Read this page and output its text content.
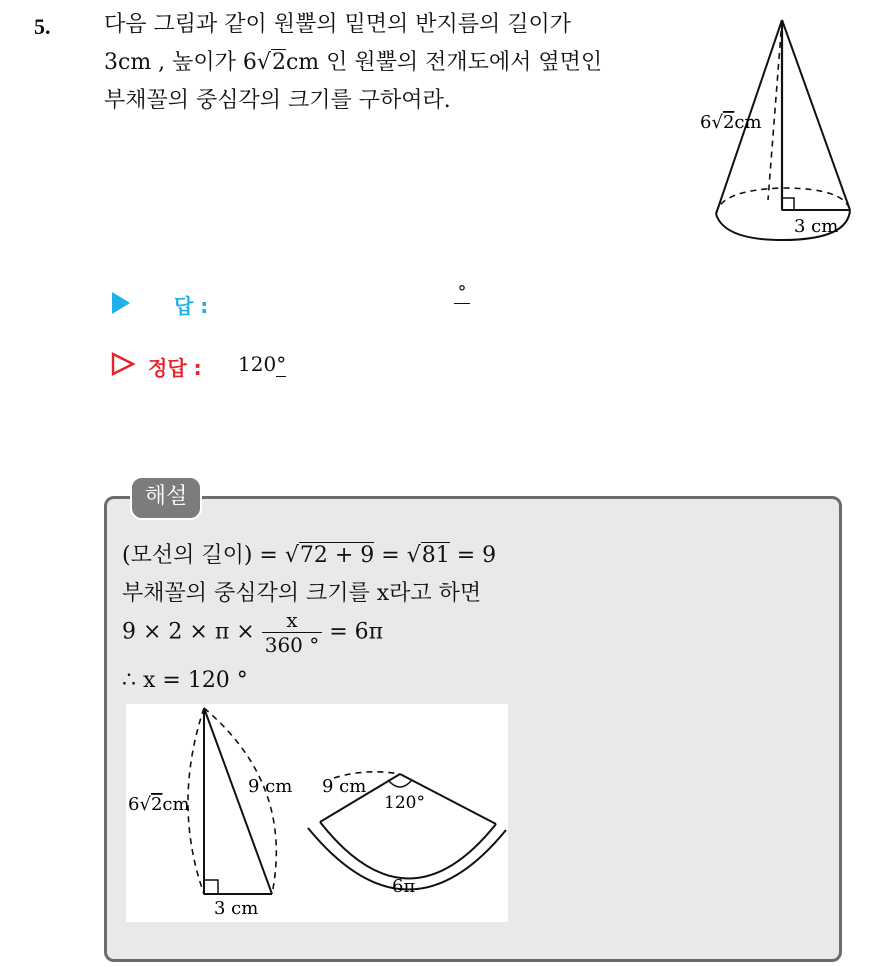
5. 다음 그림과 같이 원뿔의 밑면의 반지름의 길이가
3cm , 높이가 6√2cm 인 원뿔의 전개도에서 옆면인
부채꼴의 중심각의 크기를 구하여라.
6√2cm
3 cm
답 :
°
정답 : 120°
해설
(모선의 길이) = √72 + 9 = √81 = 9
부채꼴의 중심각의 크기를 x라고 하면
$9 \times 2 \times \pi \times \frac{x}{360 ^\circ} = 6\pi$
∴ x = 120 °
6√2cm
9 cm
3 cm
9 cm
120°
6π
